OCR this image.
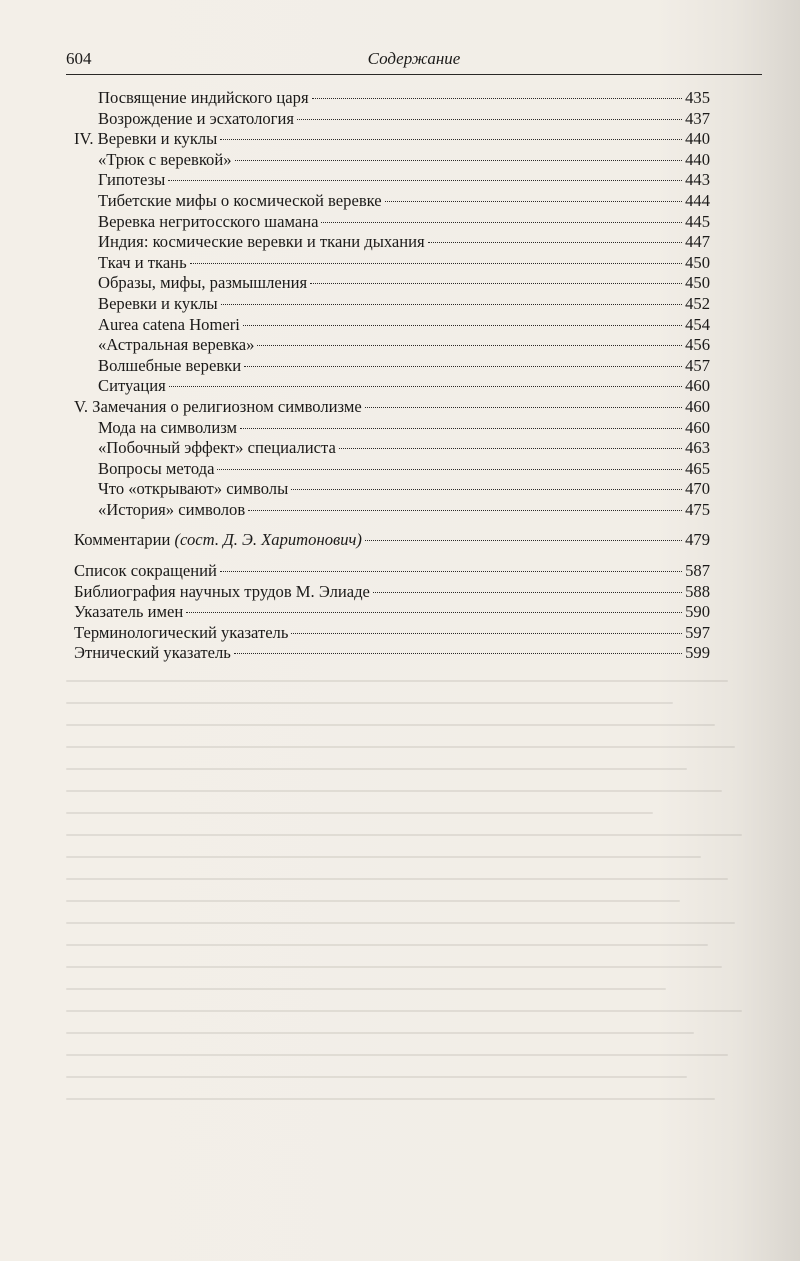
604	Содержание
Посвящение индийского царя	435
Возрождение и эсхатология	437
IV. Веревки и куклы	440
«Трюк с веревкой»	440
Гипотезы	443
Тибетские мифы о космической веревке	444
Веревка негритосского шамана	445
Индия: космические веревки и ткани дыхания	447
Ткач и ткань	450
Образы, мифы, размышления	450
Веревки и куклы	452
Aurea catena Homeri	454
«Астральная веревка»	456
Волшебные веревки	457
Ситуация	460
V. Замечания о религиозном символизме	460
Мода на символизм	460
«Побочный эффект» специалиста	463
Вопросы метода	465
Что «открывают» символы	470
«История» символов	475
Комментарии (сост. Д. Э. Харитонович)	479
Список сокращений	587
Библиография научных трудов М. Элиаде	588
Указатель имен	590
Терминологический указатель	597
Этнический указатель	599
